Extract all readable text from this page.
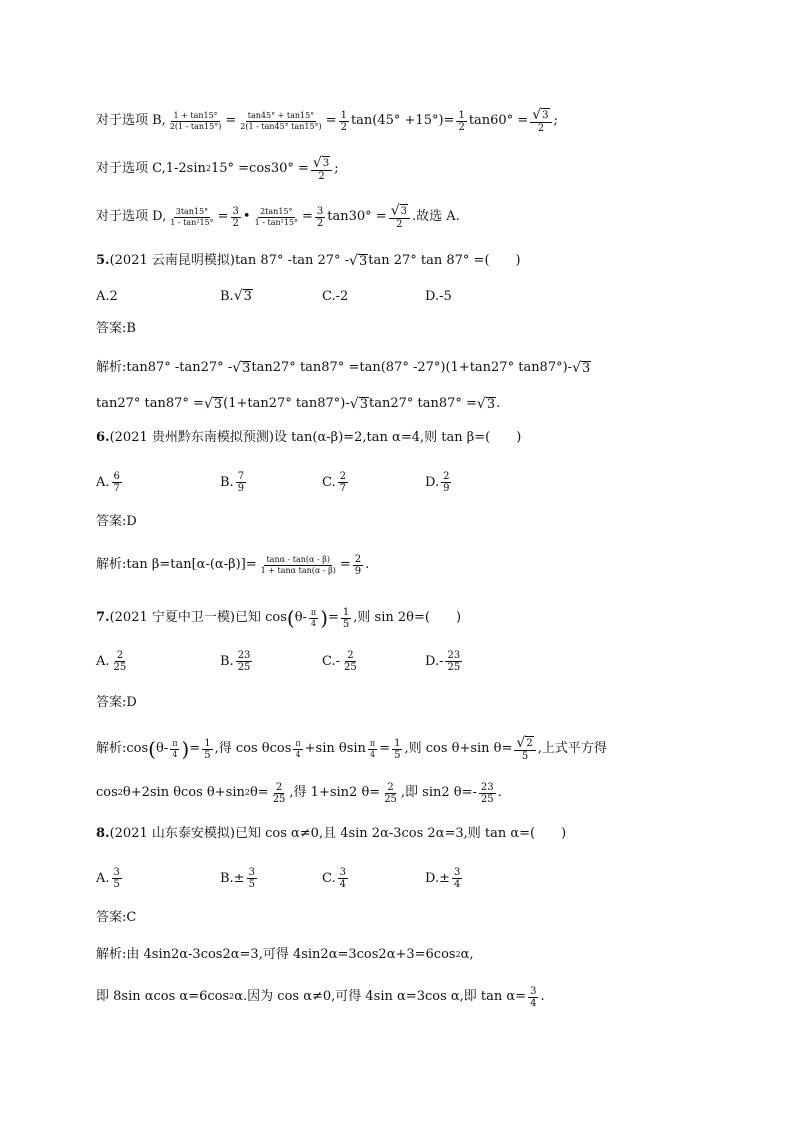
对于选项 B, $\frac{1 + \tan 15^\circ}{2(1 - \tan 15^\circ)} = \frac{\tan 45^\circ + \tan 15^\circ}{2(1 - \tan 45^\circ \tan 15^\circ)} = \frac{1}{2} \tan(45^\circ +15^\circ)= \frac{1}{2} \tan 60^\circ = \frac{√ 3}{2}$ ;
对于选项 C,1-2sin 2 $15^\circ =\cos 30^\circ = \frac{√ 3}{2}$ ;
对于选项 D, $\frac{3\tan 15^\circ}{\text{1 - tan²15°}} = \frac{3}{2}$ • $\frac{2\tan 15^\circ}{\text{1 - tan²15°}} = \frac{3}{2} \tan 30^\circ = \frac{√ 3}{2}$ .故选 A.
5. (2021 云南昆明模拟) tan 87° -tan 27° - √ 3 tan 27° tan 87° =(　　)
A.2	B. √ 3	C.-2	D.-5
答案:B
解析:tan87° -tan27° - √ 3 tan27° tan87° =tan(87° -27°)(1+tan27° tan87°)- √ 3
tan27° tan87° = √ 3 (1+tan27° tan87°)- √ 3 tan27° tan87° = √ 3 .
6. (2021 贵州黔东南模拟预测) 设 tan(α-β)=2,tan α=4,则 tan β=(　　)
A. $\frac{6}{7}$	B. $\frac{7}{9}$	C. $\frac{2}{7}$	D. $\frac{2}{9}$
答案:D
解析:tan $\beta=\tan[\alpha-(\alpha-\beta)]= \frac{\tan\alpha - \tan(\alpha - \beta)}{\text{1 + tanα tan(α - β)}} = \frac{2}{9}$ .
7. (2021 宁夏中卫一模) 已知 cos ( $\theta- \frac{\pi}{4}$ ) = $\frac{1}{5}$ ,则 sin 2θ=(　　)
A. $\frac{2}{25}$	B. $\frac{23}{25}$	$C.- \frac{2}{25}$	$D.- \frac{23}{25}$
答案:D
解析:cos ( $\theta- \frac{\pi}{4}$ ) = $\frac{1}{5}$ ,得 cos θcos $\frac{\pi}{4} +\sin$ θsin $\frac{\pi}{4} = \frac{1}{5}$ ,则 cos θ+sin $\theta= \frac{√ 2}{5}$ ,上式平方得
cos 2 θ+2sin θcos θ+sin 2 $\theta= \frac{2}{25}$ ,得 1+sin2 $\theta= \frac{2}{25}$ ,即 sin2 $\theta=- \frac{23}{25}$ .
8. (2021 山东泰安模拟) 已知 cos α≠0,且 4sin 2α-3cos 2α=3,则 tan α=(　　)
A. $\frac{3}{5}$	$B.\pm \frac{3}{5}$	C. $\frac{3}{4}$	$D.\pm \frac{3}{4}$
答案:C
解析:由 4sin2α-3cos2α=3,可得 4sin2α=3cos2α+3=6cos 2 α,
即 8sin αcos α=6cos 2 α.因为 cos α≠0,可得 4sin α=3cos α,即 $\tan \alpha= \frac{3}{4}$ .
